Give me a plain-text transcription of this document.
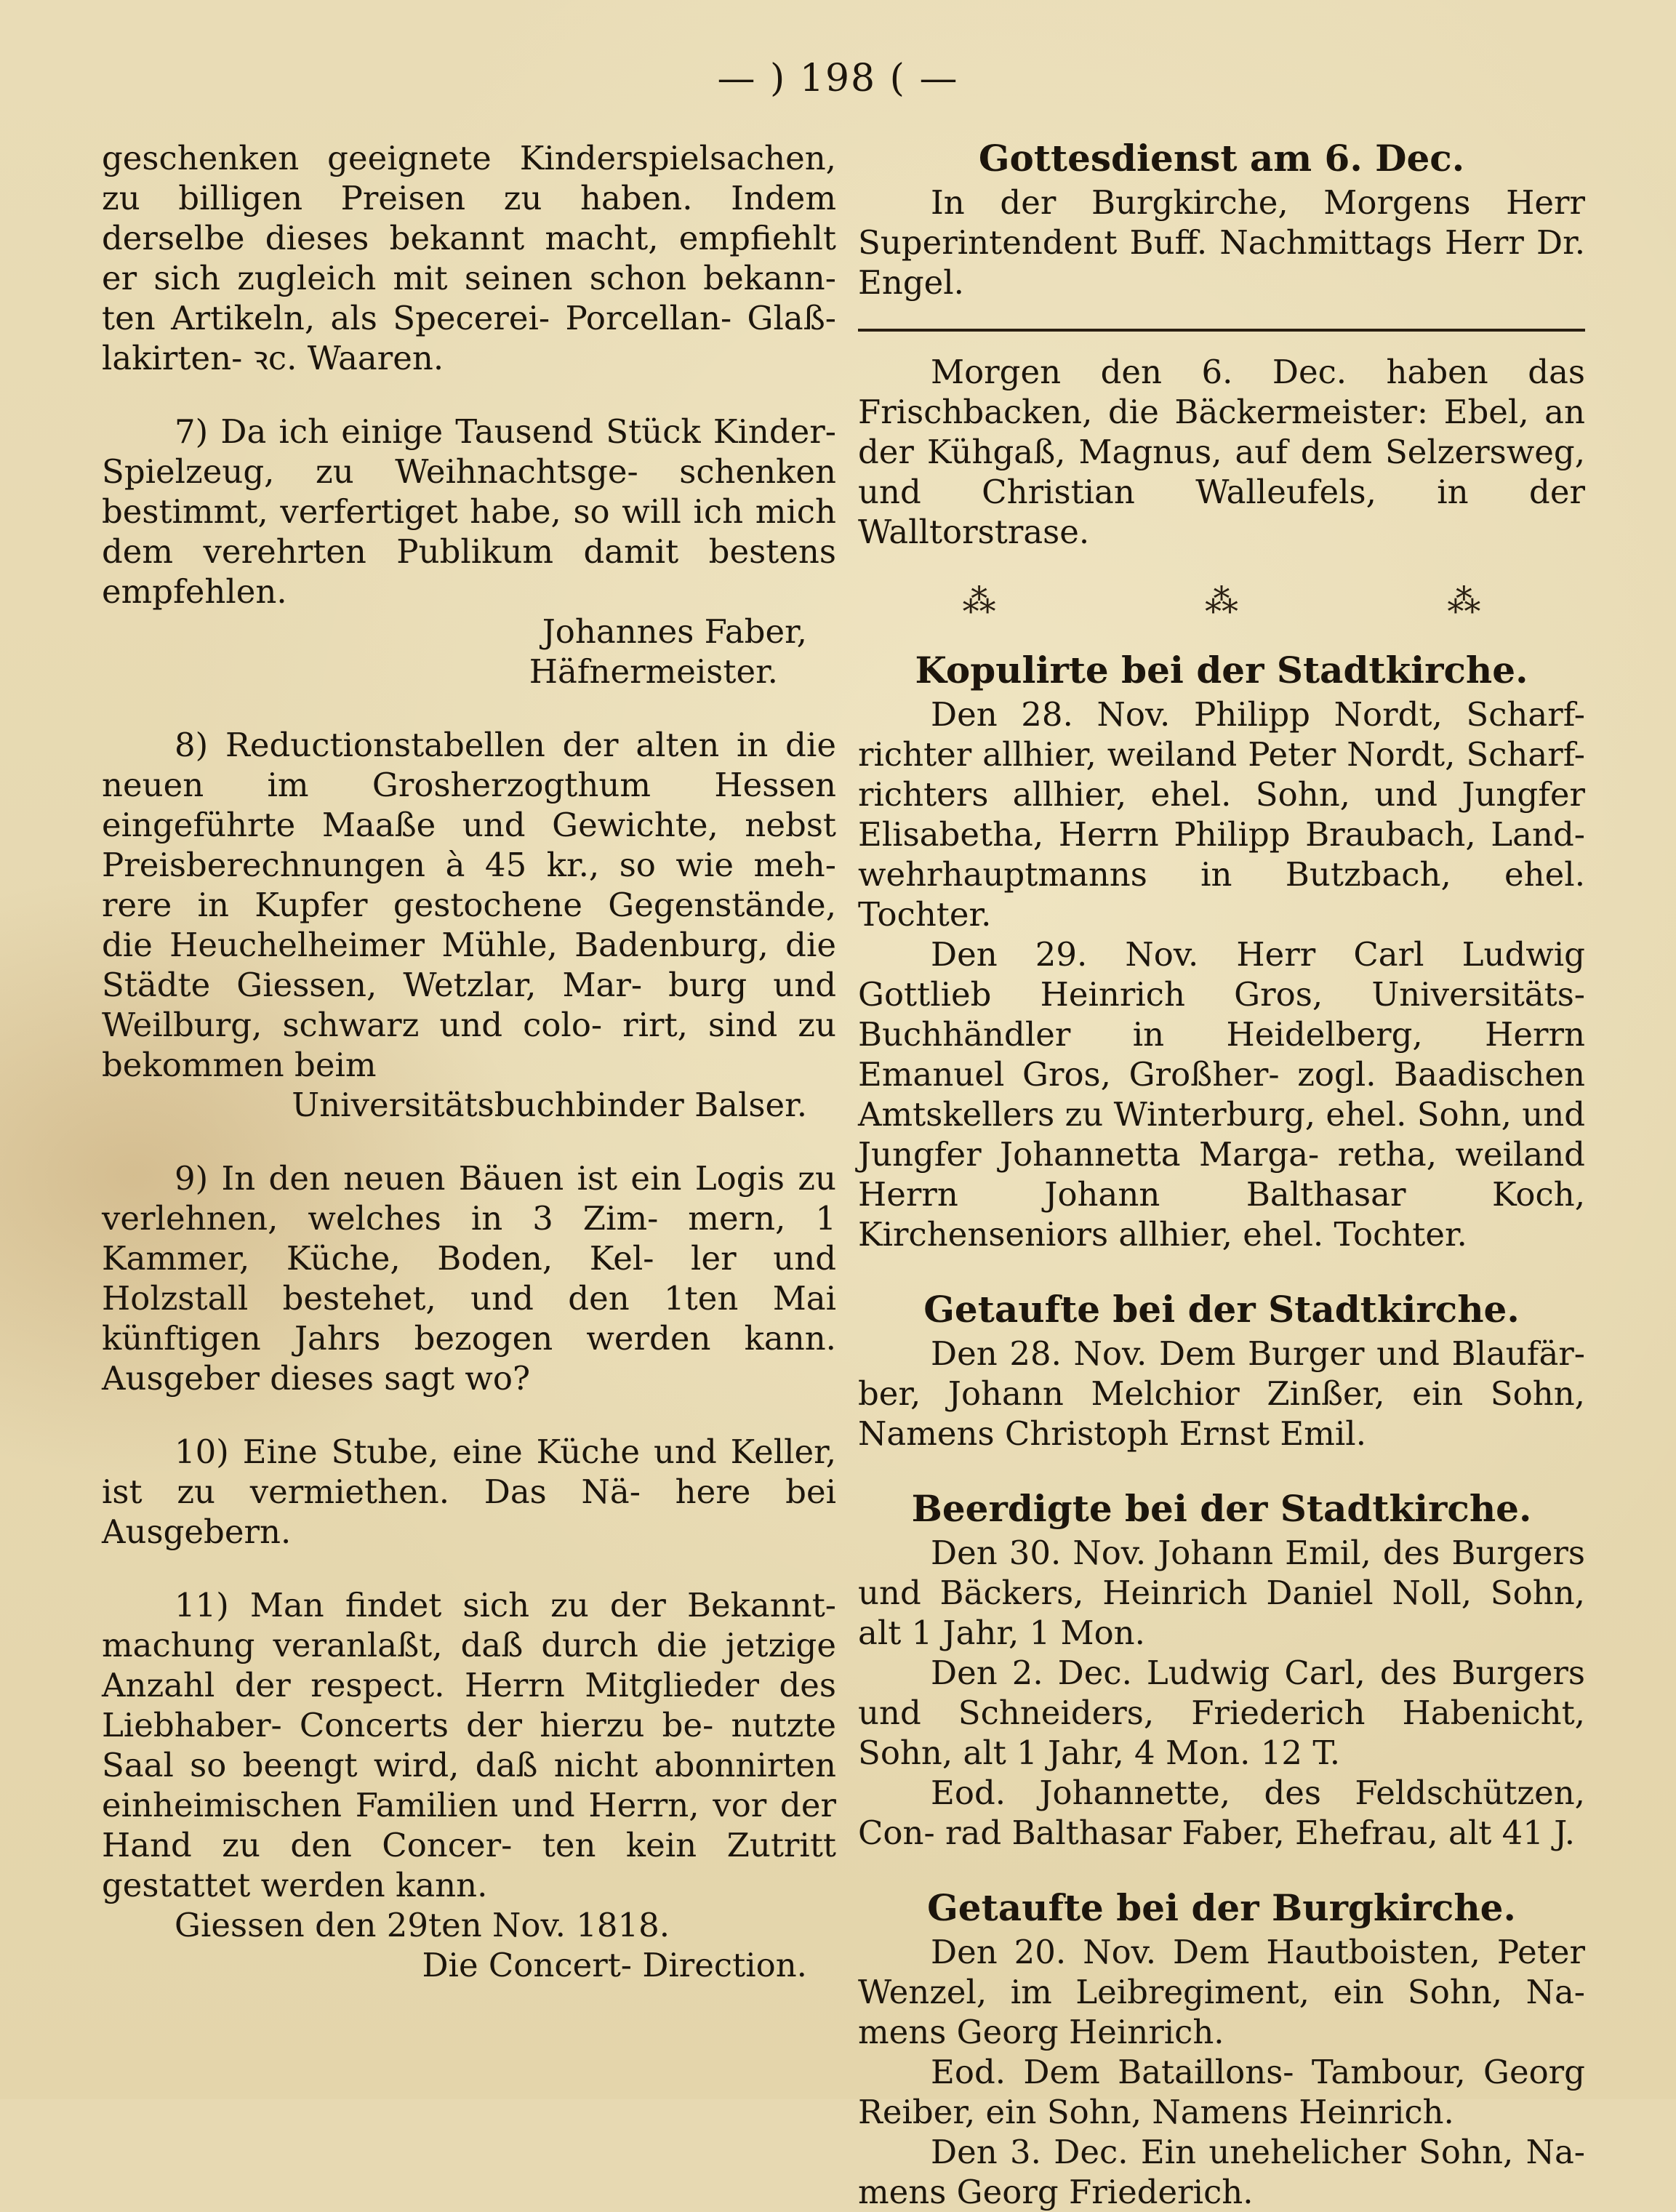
— ) 198 ( —

geschenken geeignete Kinderspielsachen, zu billigen Preisen zu haben. Indem derselbe dieses bekannt macht, empfiehlt er sich zugleich mit seinen schon bekann- ten Artikeln, als Specerei- Porcellan- Glaß- lakirten- ꝛc. Waaren.

7) Da ich einige Tausend Stück Kinder- Spielzeug, zu Weihnachtsge- schenken bestimmt, verfertiget habe, so will ich mich dem verehrten Publikum damit bestens empfehlen.

Johannes Faber,

Häfnermeister.

8) Reductionstabellen der alten in die neuen im Grosherzogthum Hessen eingeführte Maaße und Gewichte, nebst Preisberechnungen à 45 kr., so wie meh- rere in Kupfer gestochene Gegenstände, die Heuchelheimer Mühle, Badenburg, die Städte Giessen, Wetzlar, Mar- burg und Weilburg, schwarz und colo- rirt, sind zu bekommen beim

Universitätsbuchbinder Balser.

9) In den neuen Bäuen ist ein Logis zu verlehnen, welches in 3 Zim- mern, 1 Kammer, Küche, Boden, Kel- ler und Holzstall bestehet, und den 1ten Mai künftigen Jahrs bezogen werden kann. Ausgeber dieses sagt wo?

10) Eine Stube, eine Küche und Keller, ist zu vermiethen. Das Nä- here bei Ausgebern.

11) Man findet sich zu der Bekannt- machung veranlaßt, daß durch die jetzige Anzahl der respect. Herrn Mitglieder des Liebhaber- Concerts der hierzu be- nutzte Saal so beengt wird, daß nicht abonnirten einheimischen Familien und Herrn, vor der Hand zu den Concer- ten kein Zutritt gestattet werden kann.

Giessen den 29ten Nov. 1818.

Die Concert- Direction.

Gottesdienst am 6. Dec.

In der Burgkirche, Morgens Herr Superintendent Buff. Nachmittags Herr Dr. Engel.

Morgen den 6. Dec. haben das Frischbacken, die Bäckermeister: Ebel, an der Kühgaß, Magnus, auf dem Selzersweg, und Christian Walleufels, in der Walltorstrase.

⁂	⁂	⁂
Kopulirte bei der Stadtkirche.

Den 28. Nov. Philipp Nordt, Scharf- richter allhier, weiland Peter Nordt, Scharf- richters allhier, ehel. Sohn, und Jungfer Elisabetha, Herrn Philipp Braubach, Land- wehrhauptmanns in Butzbach, ehel. Tochter.

Den 29. Nov. Herr Carl Ludwig Gottlieb Heinrich Gros, Universitäts- Buchhändler in Heidelberg, Herrn Emanuel Gros, Großher- zogl. Baadischen Amtskellers zu Winterburg, ehel. Sohn, und Jungfer Johannetta Marga- retha, weiland Herrn Johann Balthasar Koch, Kirchenseniors allhier, ehel. Tochter.

Getaufte bei der Stadtkirche.

Den 28. Nov. Dem Burger und Blaufär- ber, Johann Melchior Zinßer, ein Sohn, Namens Christoph Ernst Emil.

Beerdigte bei der Stadtkirche.

Den 30. Nov. Johann Emil, des Burgers und Bäckers, Heinrich Daniel Noll, Sohn, alt 1 Jahr, 1 Mon.

Den 2. Dec. Ludwig Carl, des Burgers und Schneiders, Friederich Habenicht, Sohn, alt 1 Jahr, 4 Mon. 12 T.

Eod. Johannette, des Feldschützen, Con- rad Balthasar Faber, Ehefrau, alt 41 J.

Getaufte bei der Burgkirche.

Den 20. Nov. Dem Hautboisten, Peter Wenzel, im Leibregiment, ein Sohn, Na- mens Georg Heinrich.

Eod. Dem Bataillons- Tambour, Georg Reiber, ein Sohn, Namens Heinrich.

Den 3. Dec. Ein unehelicher Sohn, Na- mens Georg Friederich.
